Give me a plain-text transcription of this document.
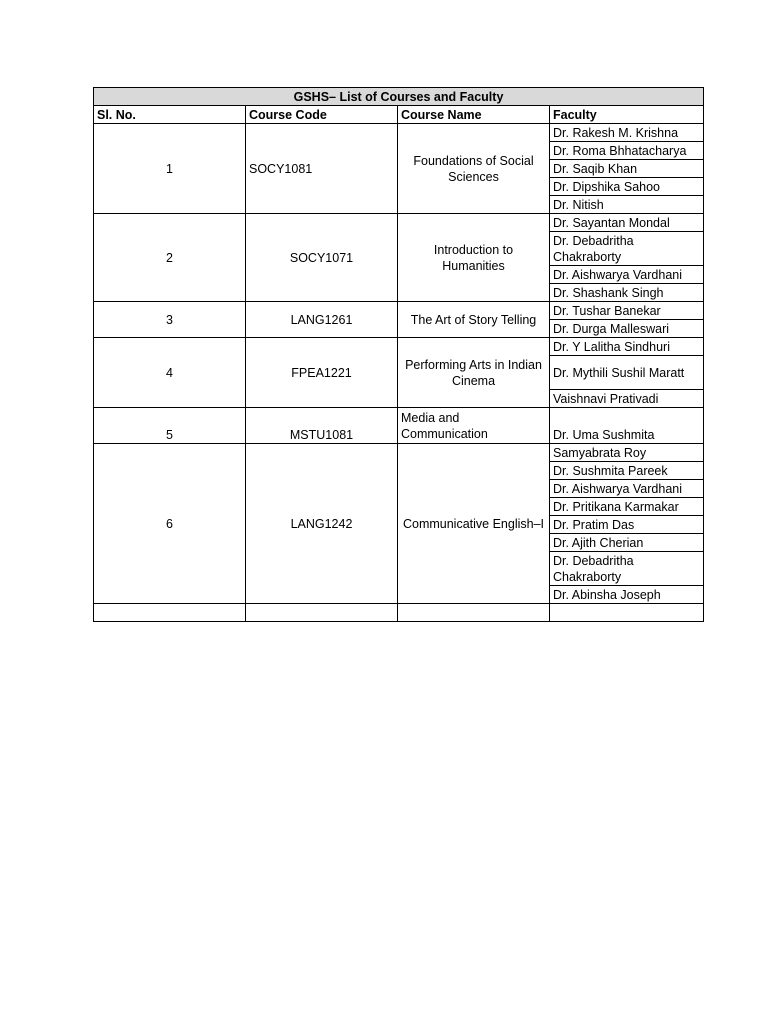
GSHS– List of Courses and Faculty			
Sl. No.	Course Code	Course Name	Faculty
1	SOCY1081	Foundations of Social Sciences	Dr. Rakesh M. Krishna
			Dr. Roma Bhhatacharya
			Dr. Saqib Khan
			Dr. Dipshika Sahoo
			Dr. Nitish
2	SOCY1071	Introduction to Humanities	Dr. Sayantan Mondal
			Dr. Debadritha Chakraborty
			Dr. Aishwarya Vardhani
			Dr. Shashank Singh
3	LANG1261	The Art of Story Telling	Dr. Tushar Banekar
			Dr. Durga Malleswari
4	FPEA1221	Performing Arts in Indian Cinema	Dr. Y Lalitha Sindhuri
			Dr. Mythili Sushil Maratt
			Vaishnavi Prativadi
5	MSTU1081	Media and Communication	Dr. Uma Sushmita
6	LANG1242	Communicative English–I	Samyabrata Roy
			Dr. Sushmita Pareek
			Dr. Aishwarya Vardhani
			Dr. Pritikana Karmakar
			Dr. Pratim Das
			Dr. Ajith Cherian
			Dr. Debadritha Chakraborty
			Dr. Abinsha Joseph
